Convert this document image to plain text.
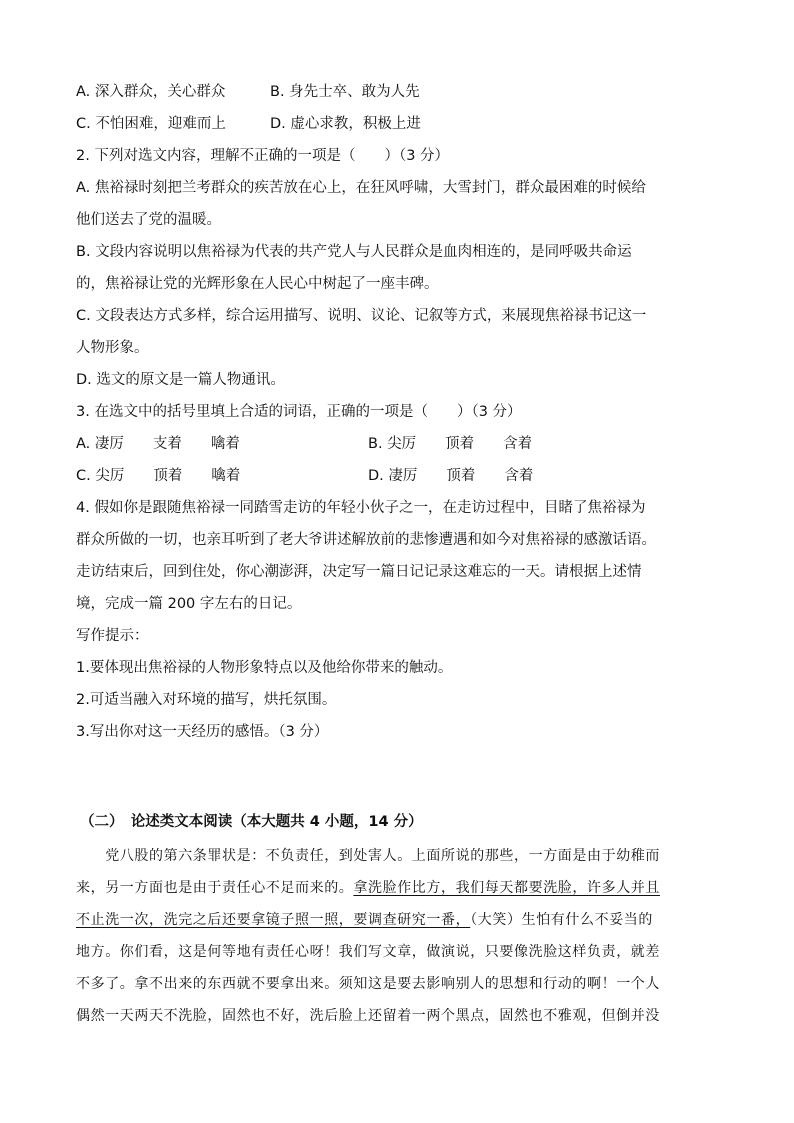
A. 深入群众，关心群众	B. 身先士卒、敢为人先
C. 不怕困难，迎难而上	D. 虚心求教，积极上进
2. 下列对选文内容，理解不正确的一项是（　　）（3 分）
A. 焦裕禄时刻把兰考群众的疾苦放在心上，在狂风呼啸，大雪封门，群众最困难的时候给
他们送去了党的温暖。
B. 文段内容说明以焦裕禄为代表的共产党人与人民群众是血肉相连的，是同呼吸共命运
的，焦裕禄让党的光辉形象在人民心中树起了一座丰碑。
C. 文段表达方式多样，综合运用描写、说明、议论、记叙等方式，来展现焦裕禄书记这一
人物形象。
D. 选文的原文是一篇人物通讯。
3. 在选文中的括号里填上合适的词语，正确的一项是（　　）（3 分）
A. 凄厉　　支着　　噙着	B. 尖厉　　顶着　　含着
C. 尖厉　　顶着　　噙着	D. 凄厉　　顶着　　含着
4. 假如你是跟随焦裕禄一同踏雪走访的年轻小伙子之一，在走访过程中，目睹了焦裕禄为
群众所做的一切，也亲耳听到了老大爷讲述解放前的悲惨遭遇和如今对焦裕禄的感激话语。
走访结束后，回到住处，你心潮澎湃，决定写一篇日记记录这难忘的一天。请根据上述情
境，完成一篇 200 字左右的日记。
写作提示：
1.要体现出焦裕禄的人物形象特点以及他给你带来的触动。
2.可适当融入对环境的描写，烘托氛围。
3.写出你对这一天经历的感悟。（3 分）
（二）　论述类文本阅读（本大题共 4 小题，14 分）
　　党八股的第六条罪状是：不负责任，到处害人。上面所说的那些，一方面是由于幼稚而
来，另一方面也是由于责任心不足而来的。拿洗脸作比方，我们每天都要洗脸，许多人并且
不止洗一次，洗完之后还要拿镜子照一照，要调查研究一番，（大笑）生怕有什么不妥当的
地方。你们看，这是何等地有责任心呀！我们写文章，做演说，只要像洗脸这样负责，就差
不多了。拿不出来的东西就不要拿出来。须知这是要去影响别人的思想和行动的啊！一个人
偶然一天两天不洗脸，固然也不好，洗后脸上还留着一两个黑点，固然也不雅观，但倒并没
